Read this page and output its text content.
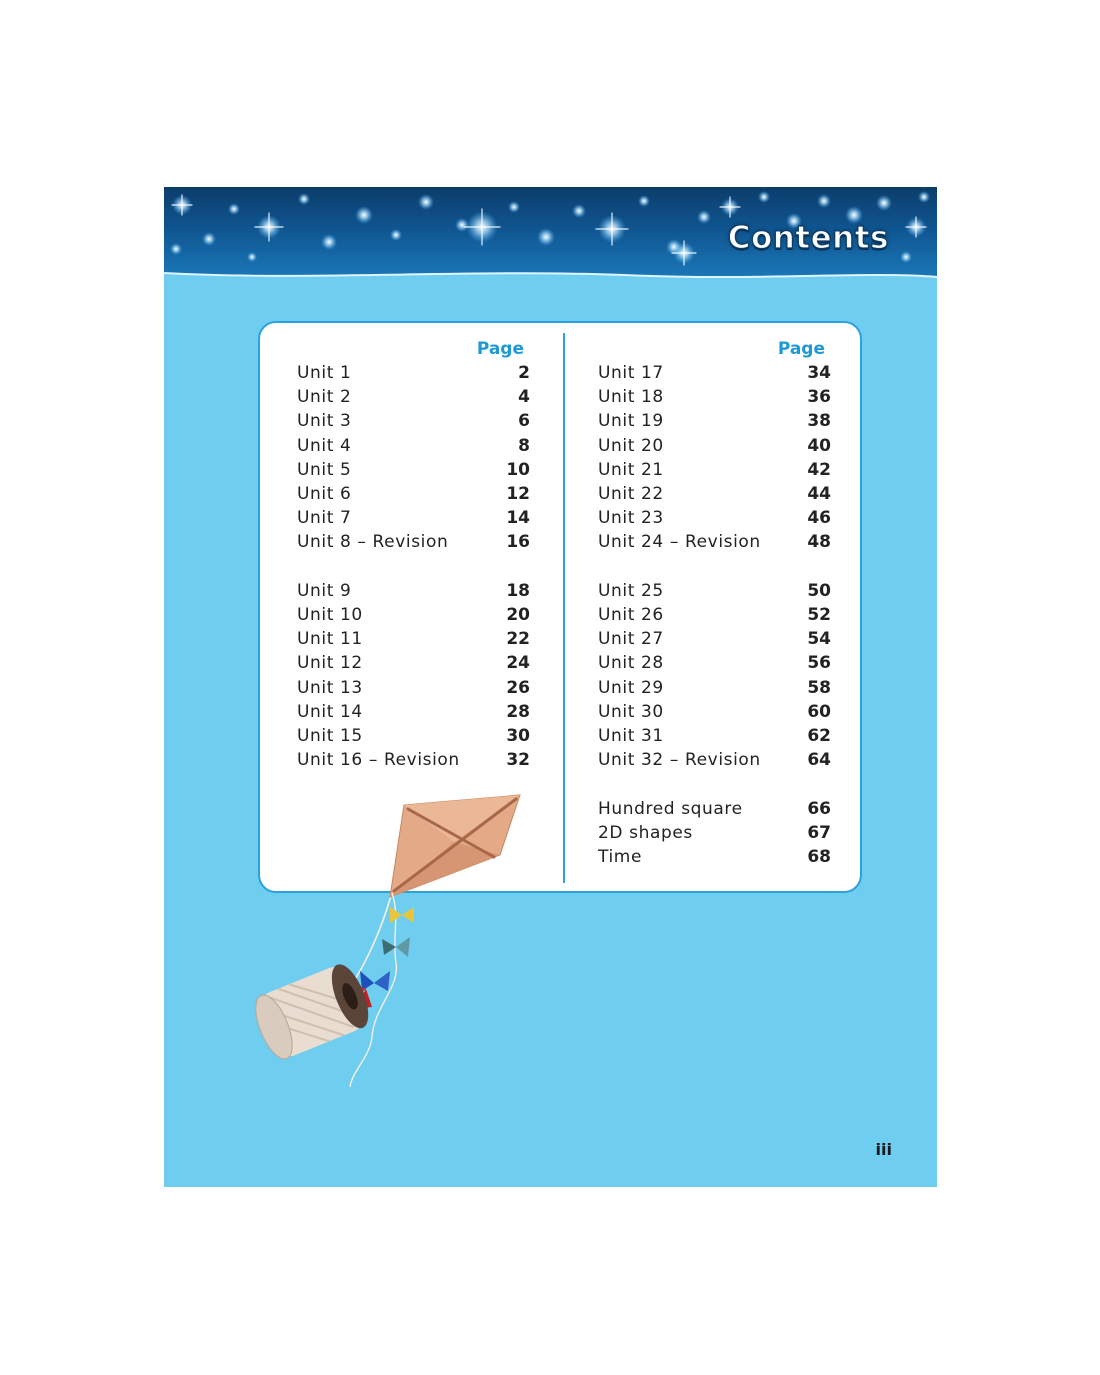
Contents
Page
Unit 1	2
Unit 2	4
Unit 3	6
Unit 4	8
Unit 5	10
Unit 6	12
Unit 7	14
Unit 8 – Revision	16
Unit 9	18
Unit 10	20
Unit 11	22
Unit 12	24
Unit 13	26
Unit 14	28
Unit 15	30
Unit 16 – Revision	32
Page
Unit 17	34
Unit 18	36
Unit 19	38
Unit 20	40
Unit 21	42
Unit 22	44
Unit 23	46
Unit 24 – Revision	48
Unit 25	50
Unit 26	52
Unit 27	54
Unit 28	56
Unit 29	58
Unit 30	60
Unit 31	62
Unit 32 – Revision	64
Hundred square	66
2D shapes	67
Time	68
iii
